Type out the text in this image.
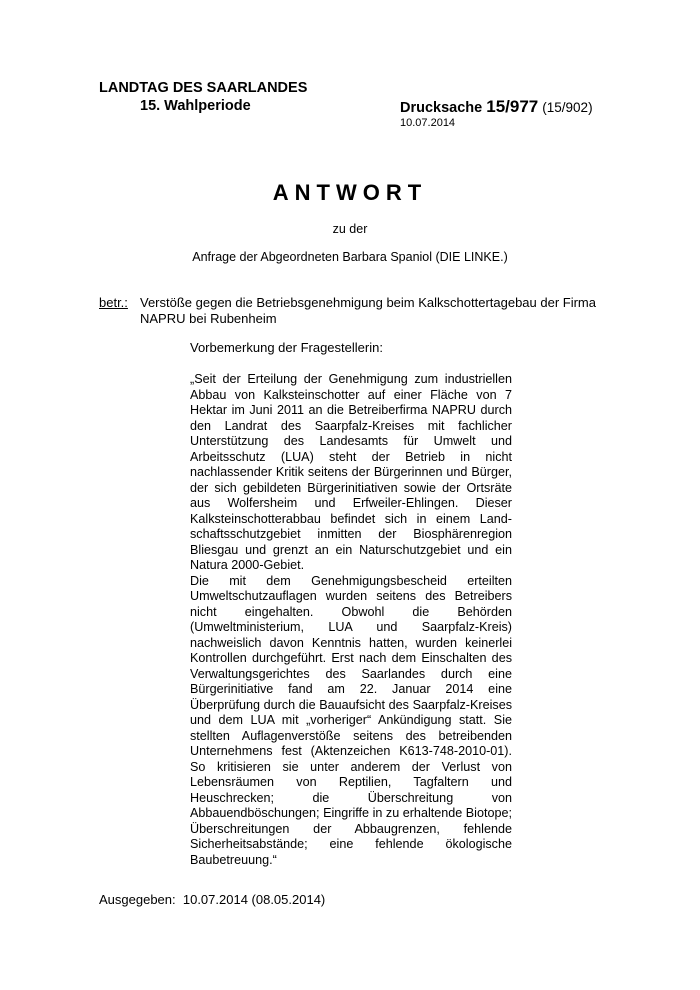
LANDTAG DES SAARLANDES
15. Wahlperiode	Drucksache 15/977 (15/902)
10.07.2014
ANTWORT
zu der
Anfrage der Abgeordneten Barbara Spaniol (DIE LINKE.)
betr.: Verstöße gegen die Betriebsgenehmigung beim Kalkschottertagebau der Firma NAPRU bei Rubenheim
Vorbemerkung der Fragestellerin:

„Seit der Erteilung der Genehmigung zum industriellen Abbau von Kalksteinschotter auf einer Fläche von 7 Hektar im Juni 2011 an die Betreiberfirma NAPRU durch den Landrat des Saarpfalz-Kreises mit fachlicher Unterstützung des Landesamts für Umwelt und Arbeitsschutz (LUA) steht der Betrieb in nicht nachlassender Kritik seitens der Bürgerinnen und Bürger, der sich gebildeten Bürgerinitiativen sowie der Ortsräte aus Wolfersheim und Erfweiler-Ehlingen. Dieser Kalksteinschotterabbau befindet sich in einem Landschaftsschutzgebiet inmitten der Biosphärenregion Bliesgau und grenzt an ein Naturschutzgebiet und ein Natura 2000-Gebiet.

Die mit dem Genehmigungsbescheid erteilten Umweltschutzauflagen wurden seitens des Betreibers nicht eingehalten. Obwohl die Behörden (Umweltministerium, LUA und Saarpfalz-Kreis) nachweislich davon Kenntnis hatten, wurden keinerlei Kontrollen durchgeführt. Erst nach dem Einschalten des Verwaltungsgerichtes des Saarlandes durch eine Bürgerinitiative fand am 22. Januar 2014 eine Überprüfung durch die Bauaufsicht des Saarpfalz-Kreises und dem LUA mit „vorheriger“ Ankündigung statt. Sie stellten Auflagenverstöße seitens des betreibenden Unternehmens fest (Aktenzeichen K613-748-2010-01). So kritisieren sie unter anderem der Verlust von Lebensräumen von Reptilien, Tagfaltern und Heuschrecken; die Überschreitung von Abbauendböschungen; Eingriffe in zu erhaltende Biotope; Überschreitungen der Abbaugrenzen, fehlende Sicherheitsabstände; eine fehlende ökologische Baubetreuung.“

Ausgegeben: 10.07.2014 (08.05.2014)
